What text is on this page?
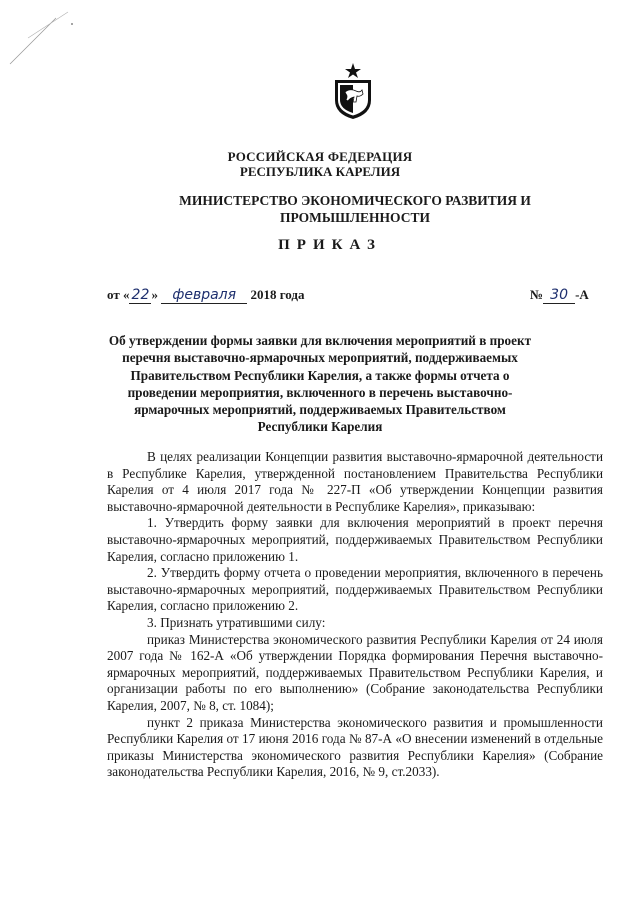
РОССИЙСКАЯ ФЕДЕРАЦИЯ
РЕСПУБЛИКА КАРЕЛИЯ
МИНИСТЕРСТВО ЭКОНОМИЧЕСКОГО РАЗВИТИЯ И ПРОМЫШЛЕННОСТИ
ПРИКАЗ
от « 22 » февраля 2018 года	№ 30 -А
Об утверждении формы заявки для включения мероприятий в проект перечня выставочно-ярмарочных мероприятий, поддерживаемых Правительством Республики Карелия, а также формы отчета о проведении мероприятия, включенного в перечень выставочно-ярмарочных мероприятий, поддерживаемых Правительством Республики Карелия

В целях реализации Концепции развития выставочно-ярмарочной деятельности в Республике Карелия, утвержденной постановлением Правительства Республики Карелия от 4 июля 2017 года № 227-П «Об утверждении Концепции развития выставочно-ярмарочной деятельности в Республике Карелия», приказываю:

1. Утвердить форму заявки для включения мероприятий в проект перечня выставочно-ярмарочных мероприятий, поддерживаемых Правительством Республики Карелия, согласно приложению 1.

2. Утвердить форму отчета о проведении мероприятия, включенного в перечень выставочно-ярмарочных мероприятий, поддерживаемых Правительством Республики Карелия, согласно приложению 2.

3. Признать утратившими силу:

приказ Министерства экономического развития Республики Карелия от 24 июля 2007 года № 162-А «Об утверждении Порядка формирования Перечня выставочно-ярмарочных мероприятий, поддерживаемых Правительством Республики Карелия, и организации работы по его выполнению» (Собрание законодательства Республики Карелия, 2007, № 8, ст. 1084);

пункт 2 приказа Министерства экономического развития и промышленности Республики Карелия от 17 июня 2016 года № 87-А «О внесении изменений в отдельные приказы Министерства экономического развития Республики Карелия» (Собрание законодательства Республики Карелия, 2016, № 9, ст.2033).
